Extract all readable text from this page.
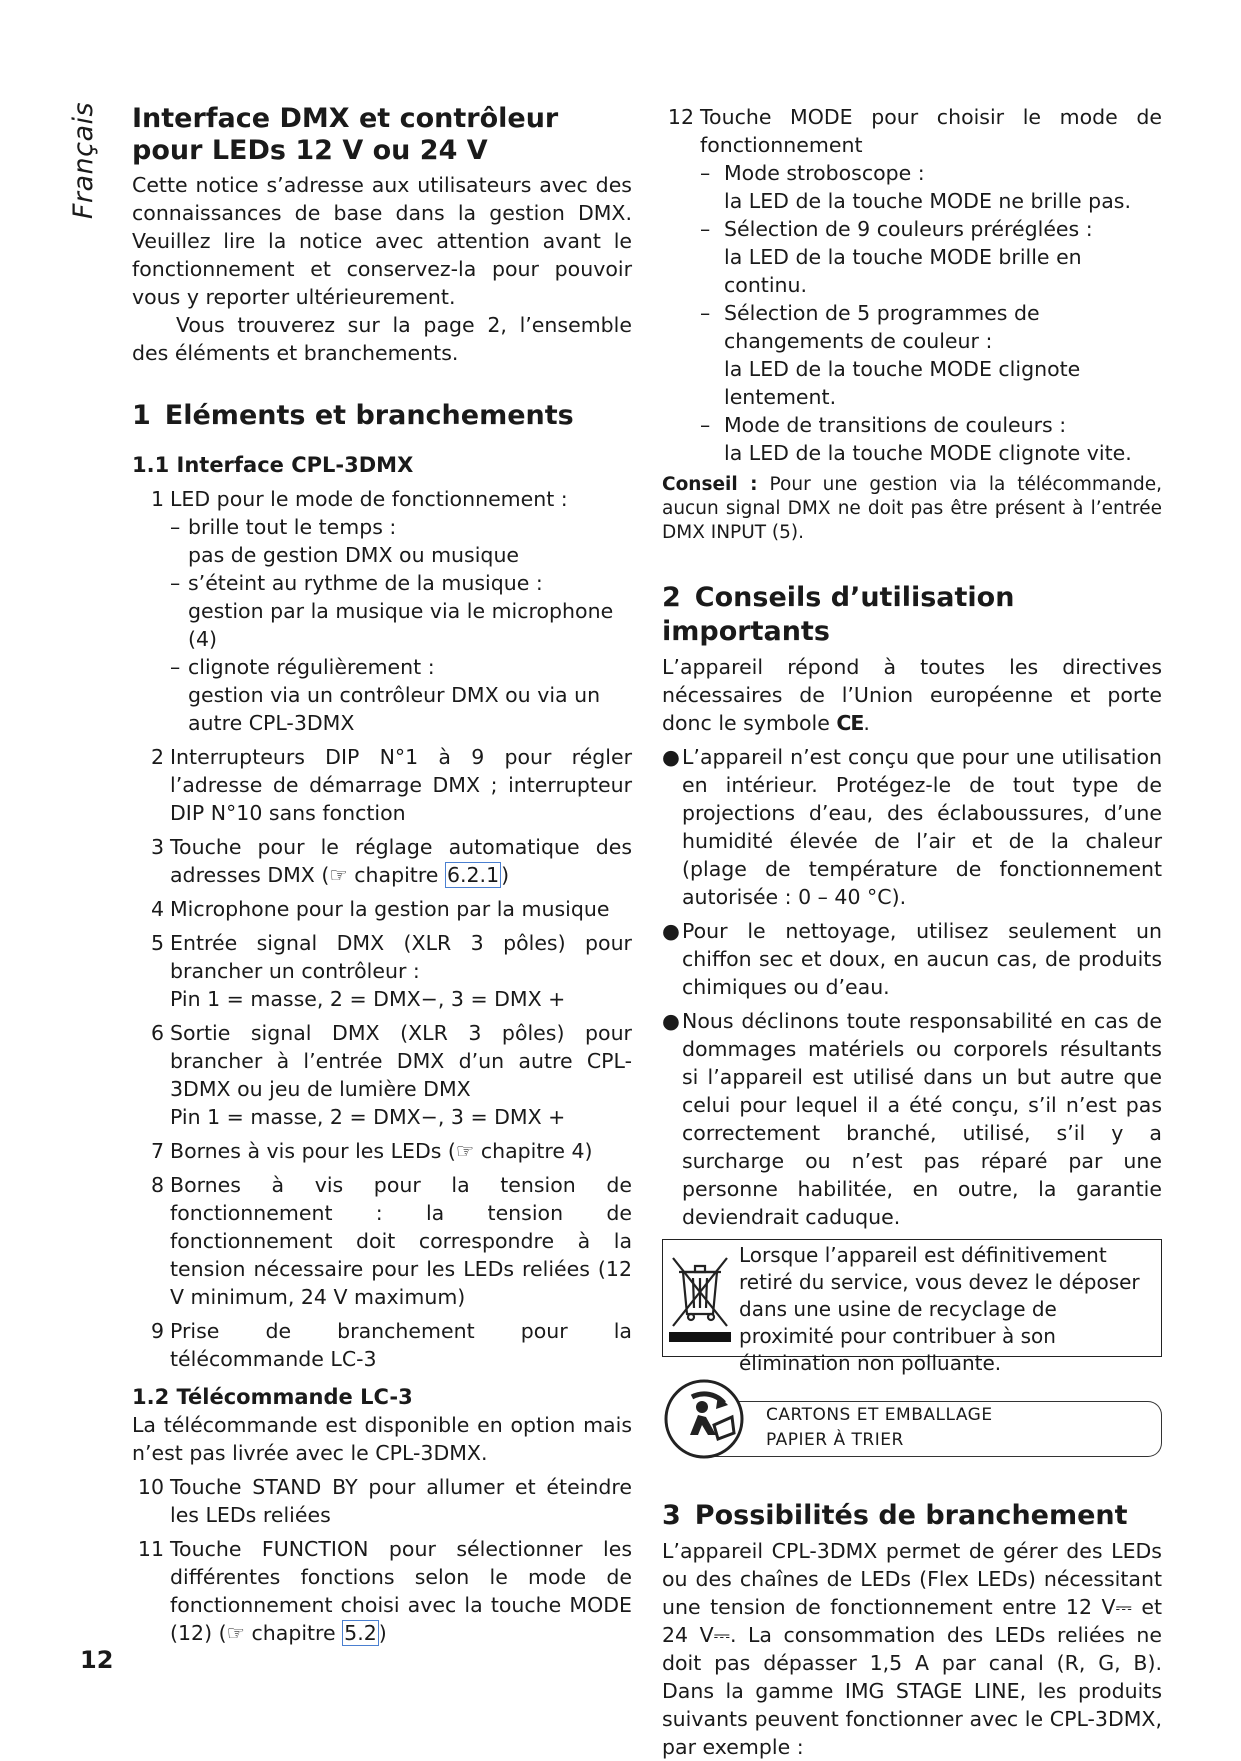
Français Interface DMX et contrôleur
pour LEDs 12 V ou 24 V

Cette notice s’adresse aux utilisateurs avec des connaissances de base dans la gestion DMX. Veuillez lire la notice avec attention avant le fonctionnement et conservez-la pour pouvoir vous y reporter ultérieurement.

Vous trouverez sur la page 2, l’ensemble des éléments et branchements.

1 Eléments et branchements
1.1 Interface CPL-3DMX
1 LED pour le mode de fonctionnement :
– brille tout le temps :
pas de gestion DMX ou musique
– s’éteint au rythme de la musique :
gestion par la musique via le microphone (4)
– clignote régulièrement :
gestion via un contrôleur DMX ou via un autre CPL-3DMX
2 Interrupteurs DIP N°1 à 9 pour régler l’adresse de démarrage DMX ; interrupteur DIP N°10 sans fonction
3 Touche pour le réglage automatique des adresses DMX (☞ chapitre 6.2.1)
4 Microphone pour la gestion par la musique
5 Entrée signal DMX (XLR 3 pôles) pour brancher un contrôleur :
Pin 1 = masse, 2 = DMX−, 3 = DMX +
6 Sortie signal DMX (XLR 3 pôles) pour brancher à l’entrée DMX d’un autre CPL-3DMX ou jeu de lumière DMX
Pin 1 = masse, 2 = DMX−, 3 = DMX +
7 Bornes à vis pour les LEDs (☞ chapitre 4)
8 Bornes à vis pour la tension de fonctionnement : la tension de fonctionnement doit correspondre à la tension nécessaire pour les LEDs reliées (12 V minimum, 24 V maximum)
9 Prise de branchement pour la télécommande LC-3
1.2 Télécommande LC-3

La télécommande est disponible en option mais n’est pas livrée avec le CPL-3DMX.

10 Touche STAND BY pour allumer et éteindre les LEDs reliées
11 Touche FUNCTION pour sélectionner les différentes fonctions selon le mode de fonctionnement choisi avec la touche MODE (12) (☞ chapitre 5.2)
12 Touche MODE pour choisir le mode de fonctionnement
– Mode stroboscope :
la LED de la touche MODE ne brille pas.
– Sélection de 9 couleurs préréglées :
la LED de la touche MODE brille en continu.
– Sélection de 5 programmes de changements de couleur :
la LED de la touche MODE clignote lentement.
– Mode de transitions de couleurs :
la LED de la touche MODE clignote vite.
Conseil : Pour une gestion via la télécommande, aucun signal DMX ne doit pas être présent à l’entrée DMX INPUT (5).
2 Conseils d’utilisation importants

L’appareil répond à toutes les directives nécessaires de l’Union européenne et porte donc le symbole CE.

● L’appareil n’est conçu que pour une utilisation en intérieur. Protégez-le de tout type de projections d’eau, des éclaboussures, d’une humidité élevée de l’air et de la chaleur (plage de température de fonctionnement autorisée : 0 – 40 °C).
● Pour le nettoyage, utilisez seulement un chiffon sec et doux, en aucun cas, de produits chimiques ou d’eau.
● Nous déclinons toute responsabilité en cas de dommages matériels ou corporels résultants si l’appareil est utilisé dans un but autre que celui pour lequel il a été conçu, s’il n’est pas correctement branché, utilisé, s’il y a surcharge ou n’est pas réparé par une personne habilitée, en outre, la garantie deviendrait caduque.
Lorsque l’appareil est définitivement retiré du service, vous devez le déposer dans une usine de recyclage de proximité pour contribuer à son élimination non polluante.
CARTONS ET EMBALLAGE
PAPIER À TRIER
3 Possibilités de branchement

L’appareil CPL-3DMX permet de gérer des LEDs ou des chaînes de LEDs (Flex LEDs) nécessitant une tension de fonctionnement entre 12 V⎓ et 24 V⎓. La consommation des LEDs reliées ne doit pas dépasser 1,5 A par canal (R, G, B). Dans la gamme IMG STAGE LINE, les produits suivants peuvent fonctionner avec le CPL-3DMX, par exemple :

12
